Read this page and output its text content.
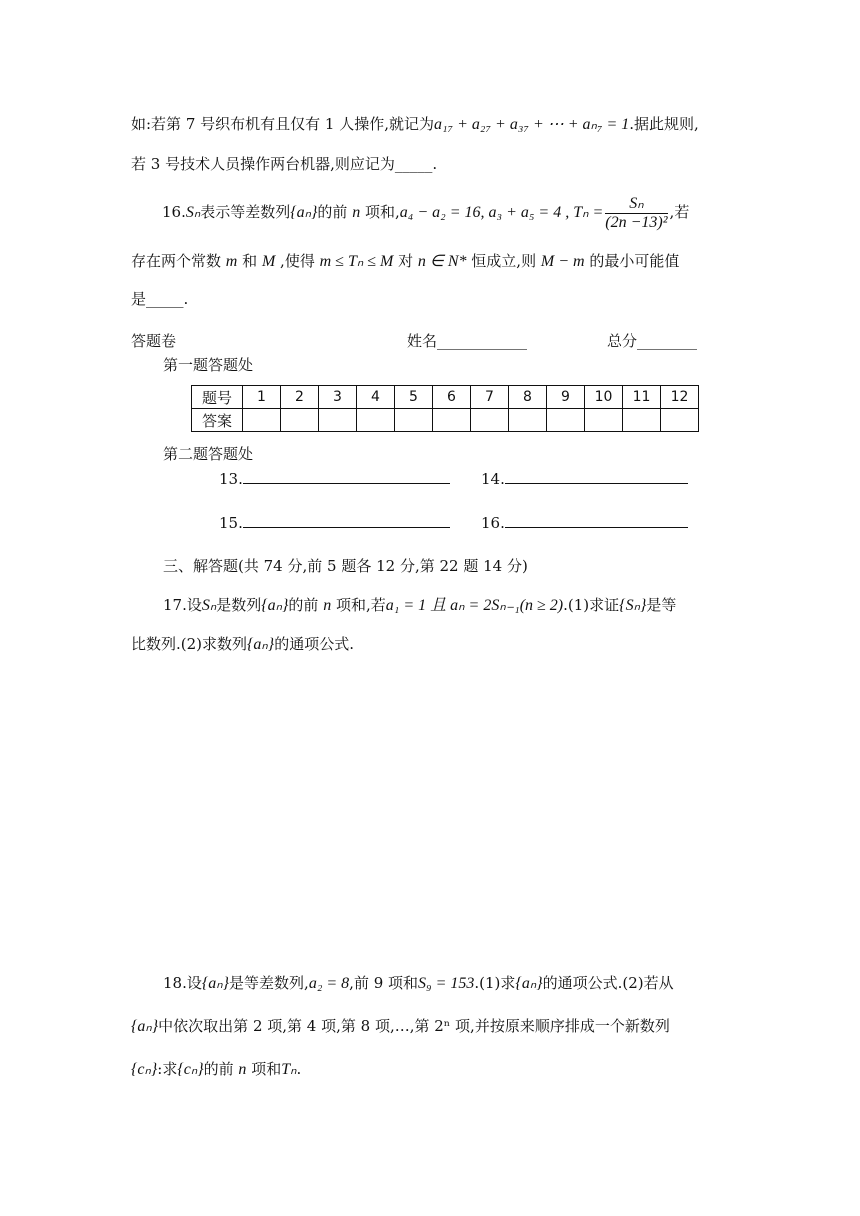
如:若第 7 号织布机有且仅有 1 人操作,就记为a₁₇ + a₂₇ + a₃₇ + ⋯ + aₙ₇ = 1.据此规则,
若 3 号技术人员操作两台机器,则应记为_____.
16.Sₙ表示等差数列{aₙ}的前 n 项和,a₄ − a₂ = 16, a₃ + a₅ = 4 , $T_n = \frac{\text{Sₙ}}{\text{(2n −13)²}}$ ,若
存在两个常数 m 和 M ,使得 m ≤ Tₙ ≤ M 对 n ∈ N* 恒成立,则 M − m 的最小可能值
是_____.
答题卷	姓名____________	总分________
第一题答题处
题号	1	2	3	4	5	6	7	8	9	10	11	12
答案												
第二题答题处
13.	14.
15.	16.
三、解答题(共 74 分,前 5 题各 12 分,第 22 题 14 分)
17.设Sₙ是数列{aₙ}的前 n 项和,若a₁ = 1 且 aₙ = 2Sₙ₋₁(n ≥ 2).(1)求证{Sₙ}是等
比数列.(2)求数列{aₙ}的通项公式.
18.设{aₙ}是等差数列,a₂ = 8,前 9 项和S₉ = 153.(1)求{aₙ}的通项公式.(2)若从
{aₙ}中依次取出第 2 项,第 4 项,第 8 项,…,第 2ⁿ 项,并按原来顺序排成一个新数列
{cₙ}:求{cₙ}的前 n 项和Tₙ.
